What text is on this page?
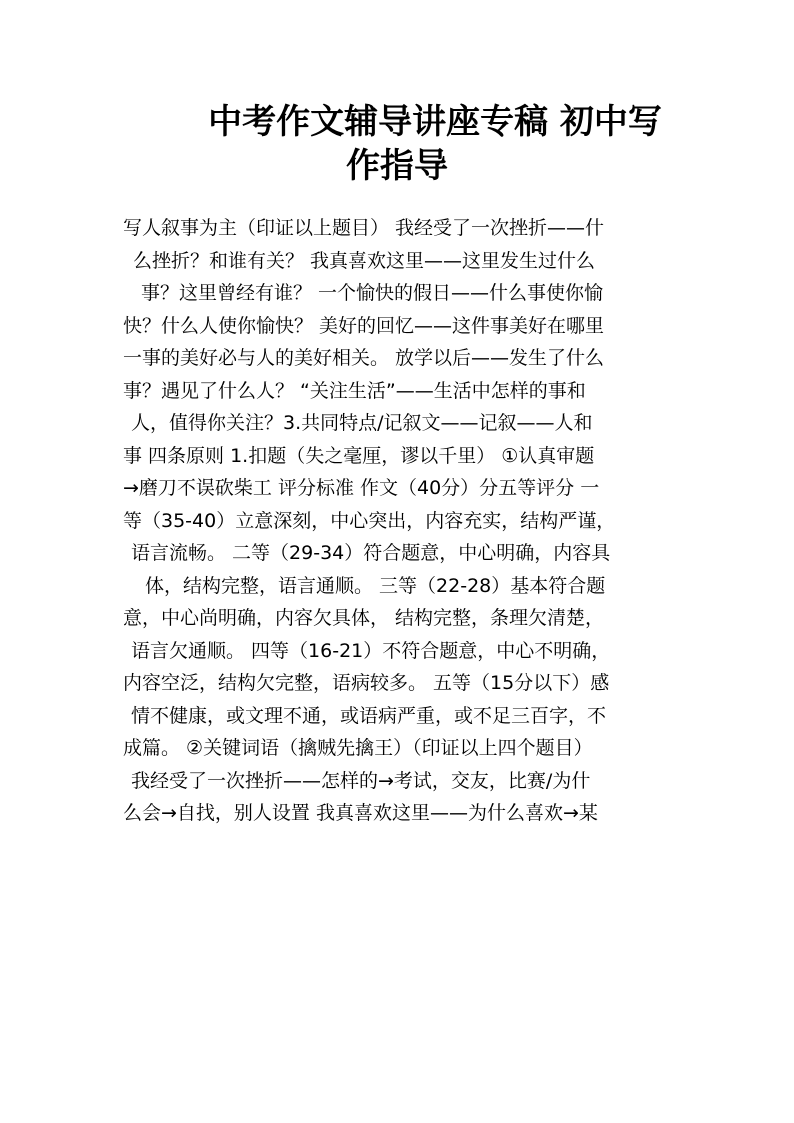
中考作文辅导讲座专稿 初中写
作指导
写人叙事为主（印证以上题目） 我经受了一次挫折——什
么挫折？和谁有关？ 我真喜欢这里——这里发生过什么
事？这里曾经有谁？ 一个愉快的假日——什么事使你愉
快？什么人使你愉快？ 美好的回忆——这件事美好在哪里
一事的美好必与人的美好相关。 放学以后——发生了什么
事？遇见了什么人？ “关注生活”——生活中怎样的事和
人，值得你关注？3.共同特点/记叙文——记叙——人和
事 四条原则 1.扣题（失之毫厘，谬以千里） ①认真审题
→磨刀不误砍柴工 评分标准 作文（40分）分五等评分 一
等（35-40）立意深刻，中心突出，内容充实，结构严谨，
语言流畅。 二等（29-34）符合题意，中心明确，内容具
体，结构完整，语言通顺。 三等（22-28）基本符合题
意，中心尚明确，内容欠具体， 结构完整，条理欠清楚，
语言欠通顺。 四等（16-21）不符合题意，中心不明确，
内容空泛，结构欠完整，语病较多。 五等（15分以下）感
情不健康，或文理不通，或语病严重，或不足三百字，不
成篇。 ②关键词语（擒贼先擒王）（印证以上四个题目）
我经受了一次挫折——怎样的→考试，交友，比赛/为什
么会→自找，别人设置 我真喜欢这里——为什么喜欢→某
